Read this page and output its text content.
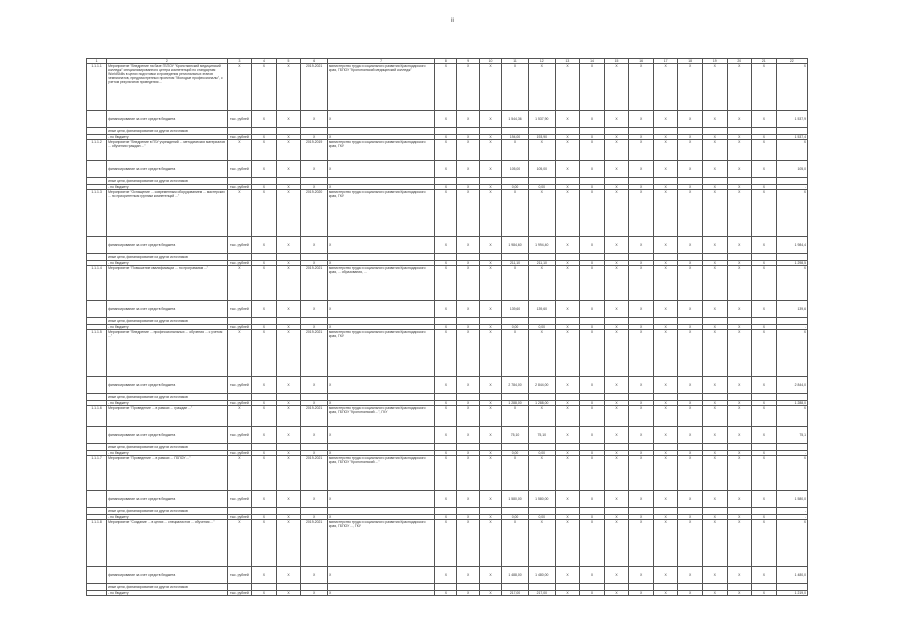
ii
1	2	3	4	5	6	7	8	9	10	11	12	13	14	15	16	17	18	19	20	21	22
1.1.1.1	Мероприятие "Внедрение на базе ГБПОУ "Кропоткинский медицинский колледж" специализированного центра компетенций по стандартам WorldSkills в целях подготовки и проведения региональных этапов чемпионатов, предусмотренных проектом "Молодые профессионалы", с учетом результатов проведения ...	X	X	X	2019-2021	министерство труда и социального развития Краснодарского края, ГБПОУ "Кропоткинский медицинский колледж"	X	X	X	X	X	X	X	X	X	X	X	X	X	X	X
	финансирование за счет средств бюджета	тыс. рублей	X	X	X	X	X	X	X	1 544,36	1 537,90	X	X	X	X	X	X	X	X	X	1 537,9
	иные цели, финансирование из других источников																				
	- по бюджету	тыс. рублей	X	X	X	X	X	X	X	194,00	193,90	X	X	X	X	X	X	X	X	X	1 537,4
1.1.1.2	Мероприятие "Внедрение в ГБУ учреждений ... методических материалов ... обучения граждан ..."	X	X	X	2019-2019	министерство труда и социального развития Краснодарского края, ГКУ	X	X	X	X	X	X	X	X	X	X	X	X	X	X	X
	финансирование за счет средств бюджета	тыс. рублей	X	X	X	X	X	X	X	105,00	105,00	X	X	X	X	X	X	X	X	X	105,0
	иные цели, финансирование из других источников																				
	- по бюджету	тыс. рублей	X	X	X	X	X	X	X	0,00	0,00	X	X	X	X	X	X	X	X	X	-
1.1.1.3	Мероприятие "Оснащение ... современным оборудованием ... мастерских ... по приоритетным группам компетенций ..."	X	X	X	2019-2020	министерство труда и социального развития Краснодарского края, ГКУ	X	X	X	X	X	X	X	X	X	X	X	X	X	X	X
	финансирование за счет средств бюджета	тыс. рублей	X	X	X	X	X	X	X	1 984,60	1 994,40	X	X	X	X	X	X	X	X	X	1 984,4
	иные цели, финансирование из других источников																				
	- по бюджету	тыс. рублей	X	X	X	X	X	X	X	211,10	211,10	X	X	X	X	X	X	X	X	X	1 298,5
1.1.1.4	Мероприятие "Повышение квалификации ... по программам ..."	X	X	X	2019-2021	министерство труда и социального развития Краснодарского края, ... образования, ...	X	X	X	X	X	X	X	X	X	X	X	X	X	X	X
	финансирование за счет средств бюджета	тыс. рублей	X	X	X	X	X	X	X	139,60	139,60	X	X	X	X	X	X	X	X	X	139,6
	иные цели, финансирование из других источников																				
	- по бюджету	тыс. рублей	X	X	X	X	X	X	X	0,00	0,00	X	X	X	X	X	X	X	X	X	-
1.1.1.5	Мероприятие "Внедрение ... профессиональных ... обучения ... с учетом ..."	X	X	X	2019-2021	министерство труда и социального развития Краснодарского края, ГКУ	X	X	X	X	X	X	X	X	X	X	X	X	X	X	X
	финансирование за счет средств бюджета	тыс. рублей	X	X	X	X	X	X	X	2 784,00	2 844,00	X	X	X	X	X	X	X	X	X	2 844,0
	иные цели, финансирование из других источников																				
	- по бюджету	тыс. рублей	X	X	X	X	X	X	X	1 288,00	1 288,00	X	X	X	X	X	X	X	X	X	1 288,0
1.1.1.6	Мероприятие "Проведение ... в рамках ... граждан ..."	X	X	X	2019-2021	министерство труда и социального развития Краснодарского края, ГБПОУ "Кропоткинский ...", ГКУ	X	X	X	X	X	X	X	X	X	X	X	X	X	X	X
	финансирование за счет средств бюджета	тыс. рублей	X	X	X	X	X	X	X	75,10	75,10	X	X	X	X	X	X	X	X	X	75,1
	иные цели, финансирование из других источников																				
	- по бюджету	тыс. рублей	X	X	X	X	X	X	X	0,00	0,00	X	X	X	X	X	X	X	X	X	-
1.1.1.7	Мероприятие "Проведение ... в рамках ... ГБПОУ ..."	X	X	X	2019-2021	министерство труда и социального развития Краснодарского края, ГБПОУ "Кропоткинский ..."	X	X	X	X	X	X	X	X	X	X	X	X	X	X	X
	финансирование за счет средств бюджета	тыс. рублей	X	X	X	X	X	X	X	1 580,00	1 580,00	X	X	X	X	X	X	X	X	X	1 580,0
	иные цели, финансирование из других источников																				-
	- по бюджету	тыс. рублей	X	X	X	X	X	X	X	0,00	0,00	X	X	X	X	X	X	X	X	X	-
1.1.1.8	Мероприятие "Создание ... в целях ... специалистов ... обучения ..."	X	X	X	2019-2021	министерство труда и социального развития Краснодарского края, ГБПОУ ..., ГКУ	X	X	X	X	X	X	X	X	X	X	X	X	X	X	X
	финансирование за счет средств бюджета	тыс. рублей	X	X	X	X	X	X	X	1 488,00	1 480,00	X	X	X	X	X	X	X	X	X	1 480,0
	иные цели, финансирование из других источников																				
	- по бюджету	тыс. рублей	X	X	X	X	X	X	X	217,00	217,00	X	X	X	X	X	X	X	X	X	1 219,0
